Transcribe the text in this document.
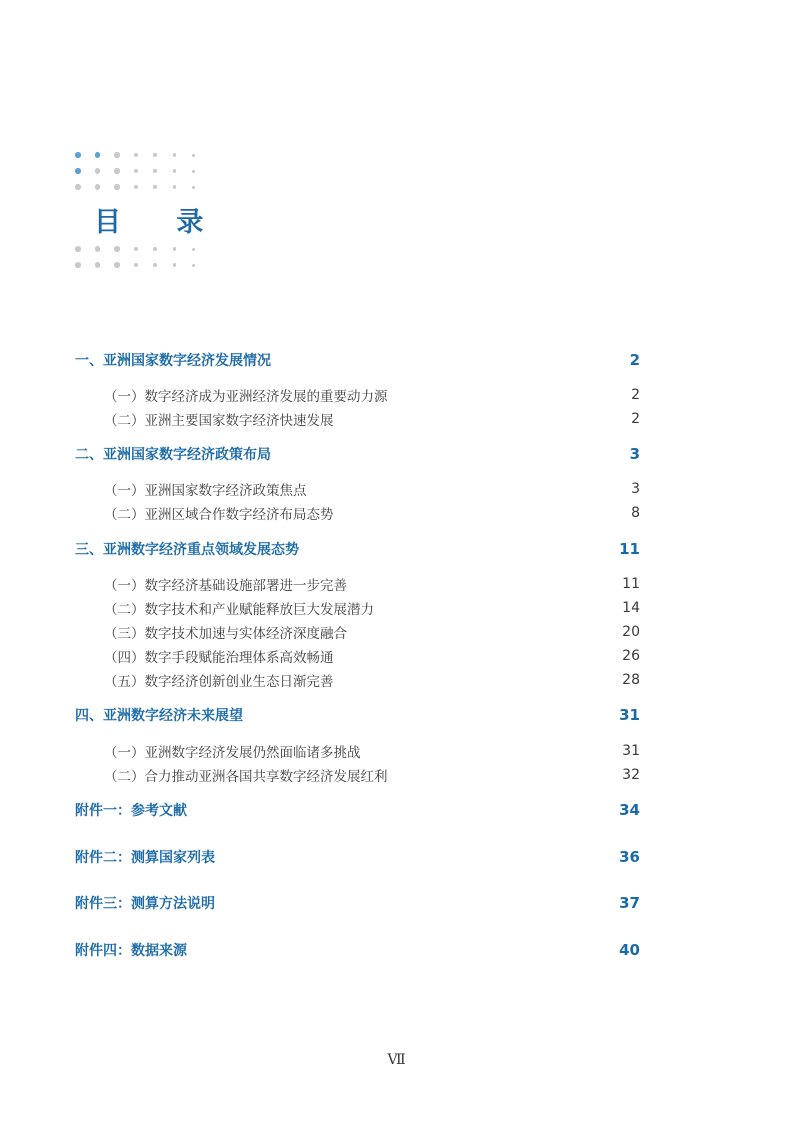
目 录
一、亚洲国家数字经济发展情况	2
（一）数字经济成为亚洲经济发展的重要动力源	2
（二）亚洲主要国家数字经济快速发展	2
二、亚洲国家数字经济政策布局	3
（一）亚洲国家数字经济政策焦点	3
（二）亚洲区域合作数字经济布局态势	8
三、亚洲数字经济重点领域发展态势	11
（一）数字经济基础设施部署进一步完善	11
（二）数字技术和产业赋能释放巨大发展潜力	14
（三）数字技术加速与实体经济深度融合	20
（四）数字手段赋能治理体系高效畅通	26
（五）数字经济创新创业生态日渐完善	28
四、亚洲数字经济未来展望	31
（一）亚洲数字经济发展仍然面临诸多挑战	31
（二）合力推动亚洲各国共享数字经济发展红利	32
附件一：参考文献	34
附件二：测算国家列表	36
附件三：测算方法说明	37
附件四：数据来源	40
Ⅶ
